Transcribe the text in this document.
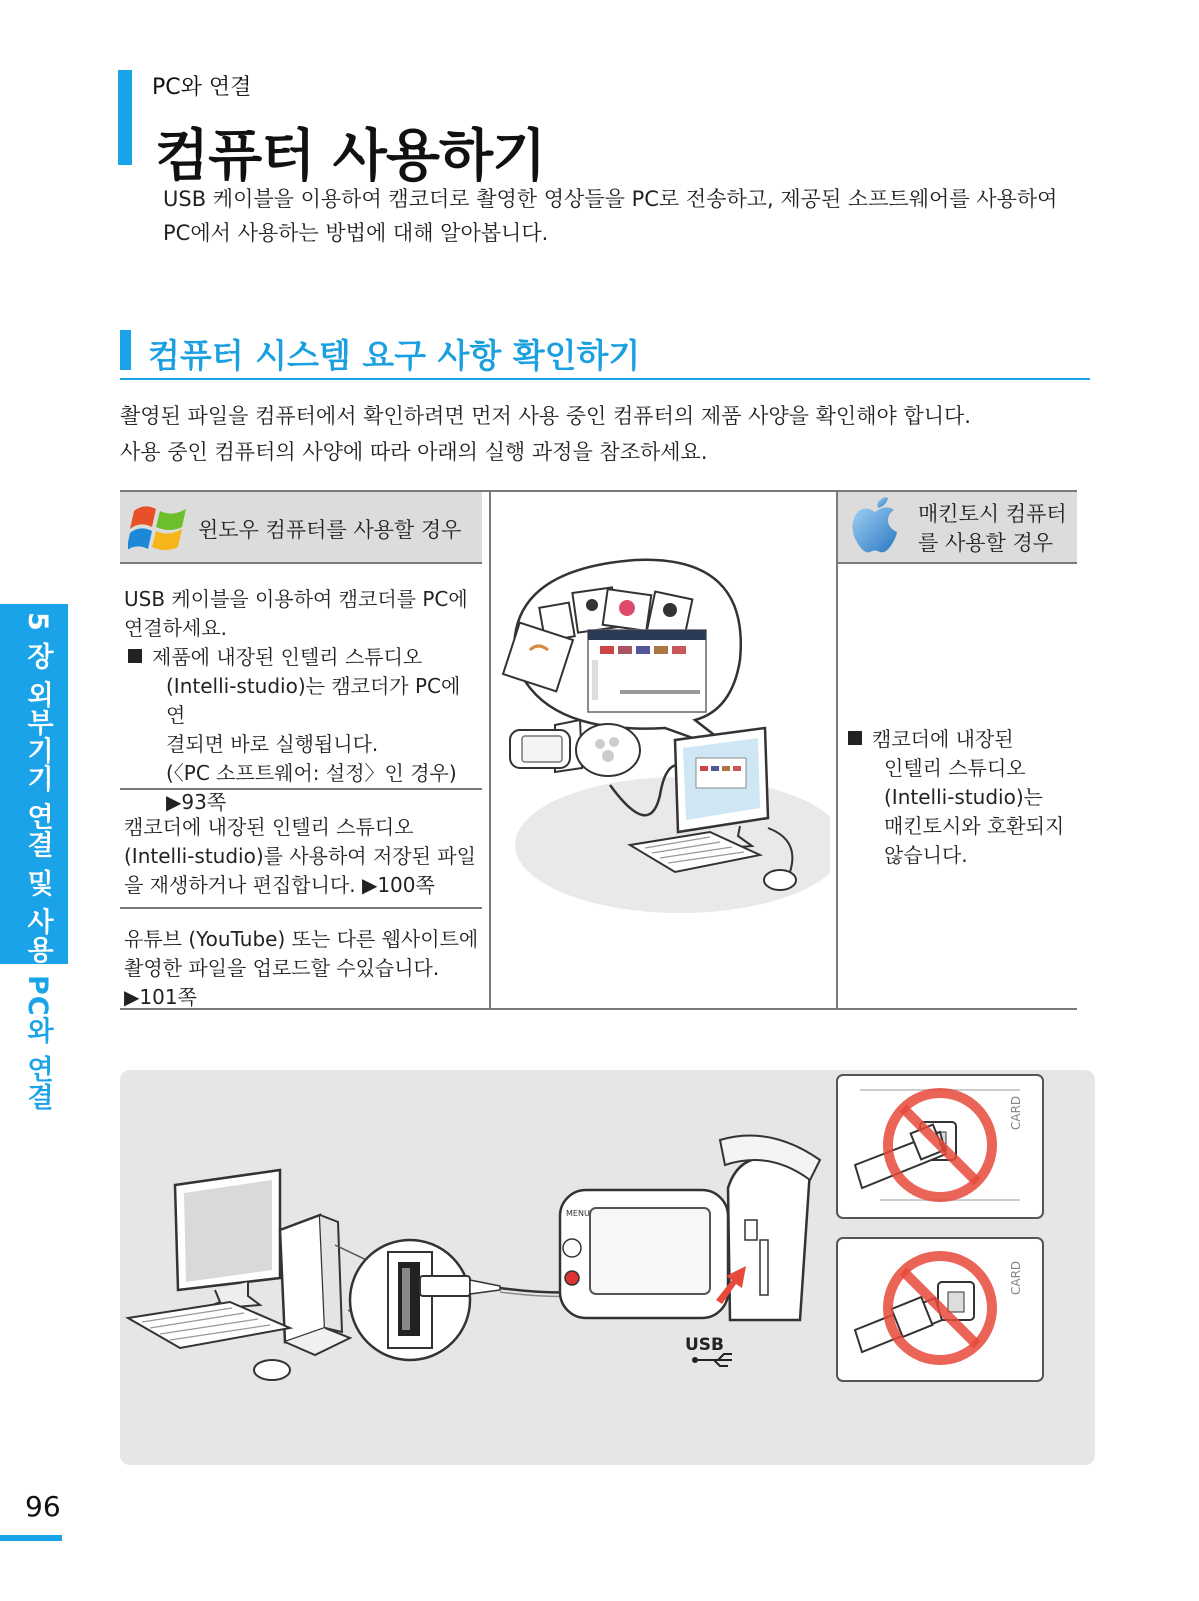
PC와 연결
컴퓨터 사용하기
USB 케이블을 이용하여 캠코더로 촬영한 영상들을 PC로 전송하고, 제공된 소프트웨어를 사용하여
PC에서 사용하는 방법에 대해 알아봅니다.
컴퓨터 시스템 요구 사항 확인하기
촬영된 파일을 컴퓨터에서 확인하려면 먼저 사용 중인 컴퓨터의 제품 사양을 확인해야 합니다.
사용 중인 컴퓨터의 사양에 따라 아래의 실행 과정을 참조하세요.
윈도우 컴퓨터를 사용할 경우
매킨토시 컴퓨터
를 사용할 경우
USB 케이블을 이용하여 캠코더를 PC에
연결하세요.
제품에 내장된 인텔리 스튜디오
(Intelli-studio)는 캠코더가 PC에 연
결되면 바로 실행됩니다.
(〈PC 소프트웨어: 설정〉인 경우)
▶93쪽
캠코더에 내장된 인텔리 스튜디오
(Intelli-studio)를 사용하여 저장된 파일
을 재생하거나 편집합니다. ▶100쪽
유튜브 (YouTube) 또는 다른 웹사이트에
촬영한 파일을 업로드할 수있습니다.
▶101쪽
캠코더에 내장된
인텔리 스튜디오
(Intelli-studio)는
매킨토시와 호환되지
않습니다.
5 장 외부기기 연결 및 사용
PC와 연결
MENU
USB
CARD
CARD
96
